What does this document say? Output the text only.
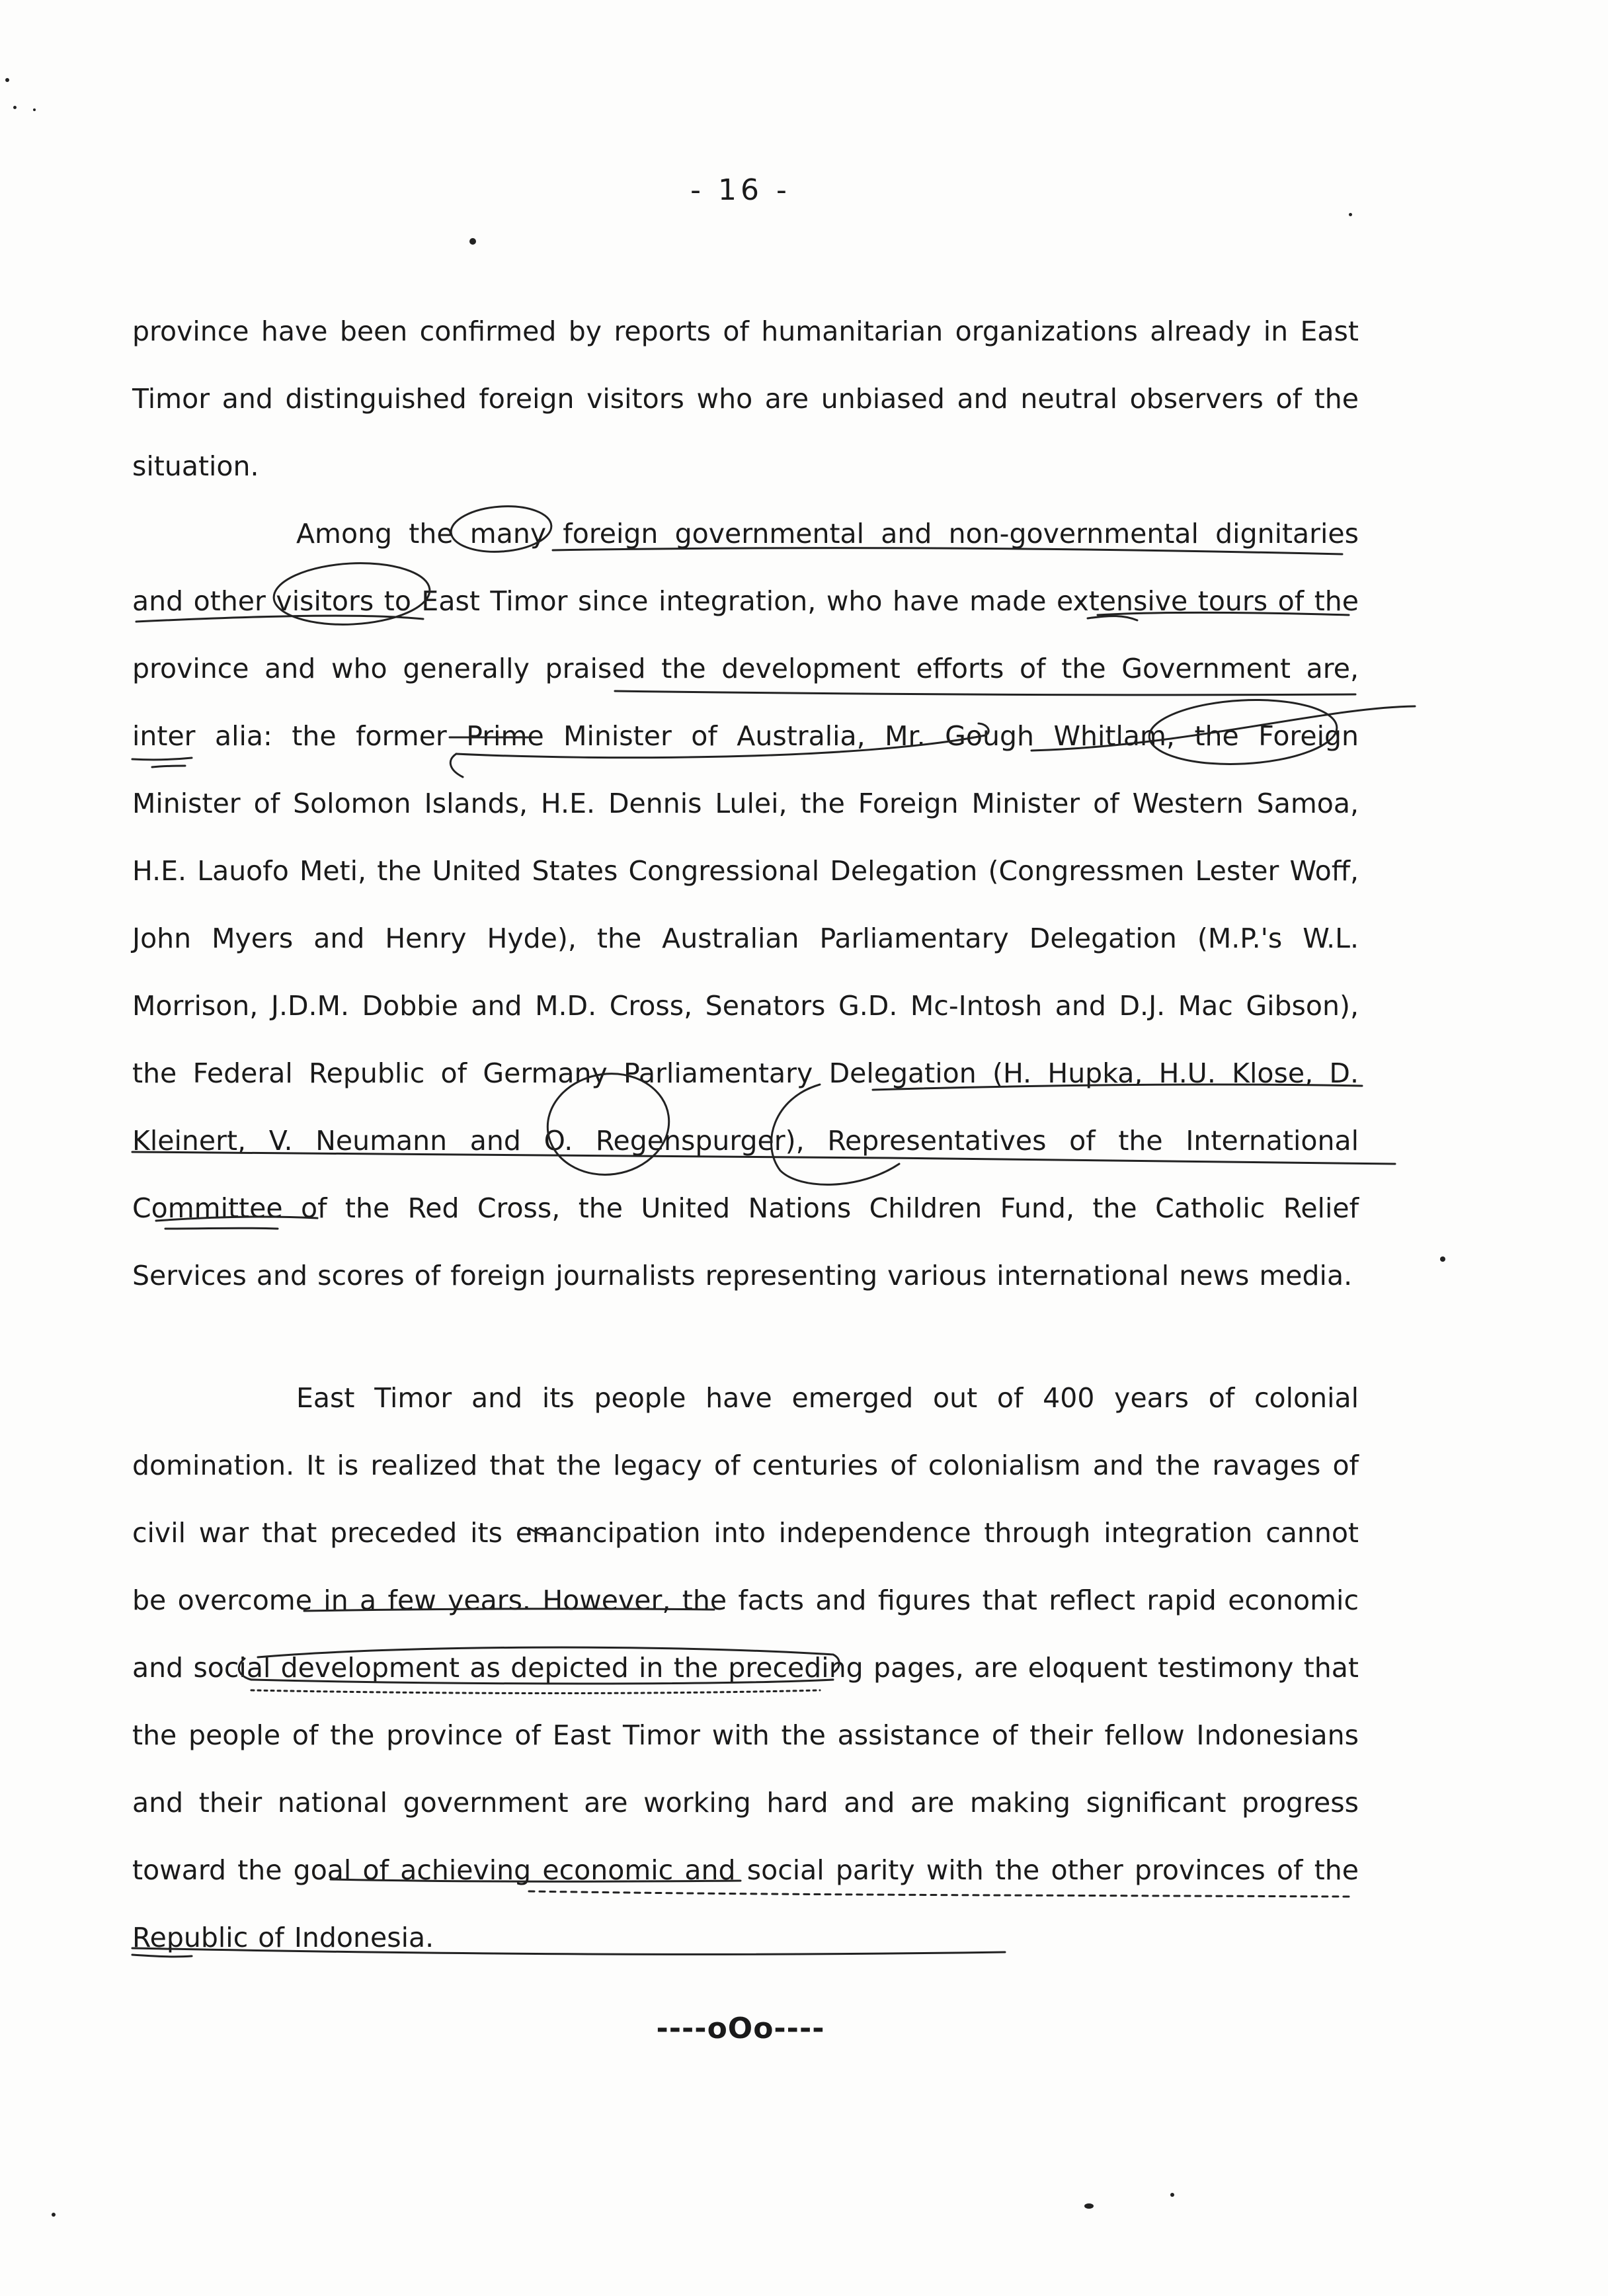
- 16 -

province have been confirmed by reports of humanitarian organizations already in East Timor and distinguished foreign visitors who are unbiased and neutral observers of the situation.

Among the many foreign governmental and non-governmental dignitaries and other visitors to East Timor since integration, who have made extensive tours of the province and who generally praised the development efforts of the Government are, inter alia: the former Prime Minister of Australia, Mr. Gough Whitlam, the Foreign Minister of Solomon Islands, H.E. Dennis Lulei, the Foreign Minister of Western Samoa, H.E. Lauofo Meti, the United States Congressional Delegation (Congressmen Lester Woff, John Myers and Henry Hyde), the Australian Parliamentary Delegation (M.P.'s W.L. Morrison, J.D.M. Dobbie and M.D. Cross, Senators G.D. Mc-Intosh and D.J. Mac Gibson), the Federal Republic of Germany Parliamentary Delegation (H. Hupka, H.U. Klose, D. Kleinert, V. Neumann and O. Regenspurger), Representatives of the International Committee of the Red Cross, the United Nations Children Fund, the Catholic Relief Services and scores of foreign journalists representing various international news media.

East Timor and its people have emerged out of 400 years of colonial domination. It is realized that the legacy of centuries of colonialism and the ravages of civil war that preceded its emancipation into independence through integration cannot be overcome in a few years. However, the facts and figures that reflect rapid economic and social development as depicted in the preceding pages, are eloquent testimony that the people of the province of East Timor with the assistance of their fellow Indonesians and their national government are working hard and are making significant progress toward the goal of achieving economic and social parity with the other provinces of the Republic of Indonesia.

----oOo----
